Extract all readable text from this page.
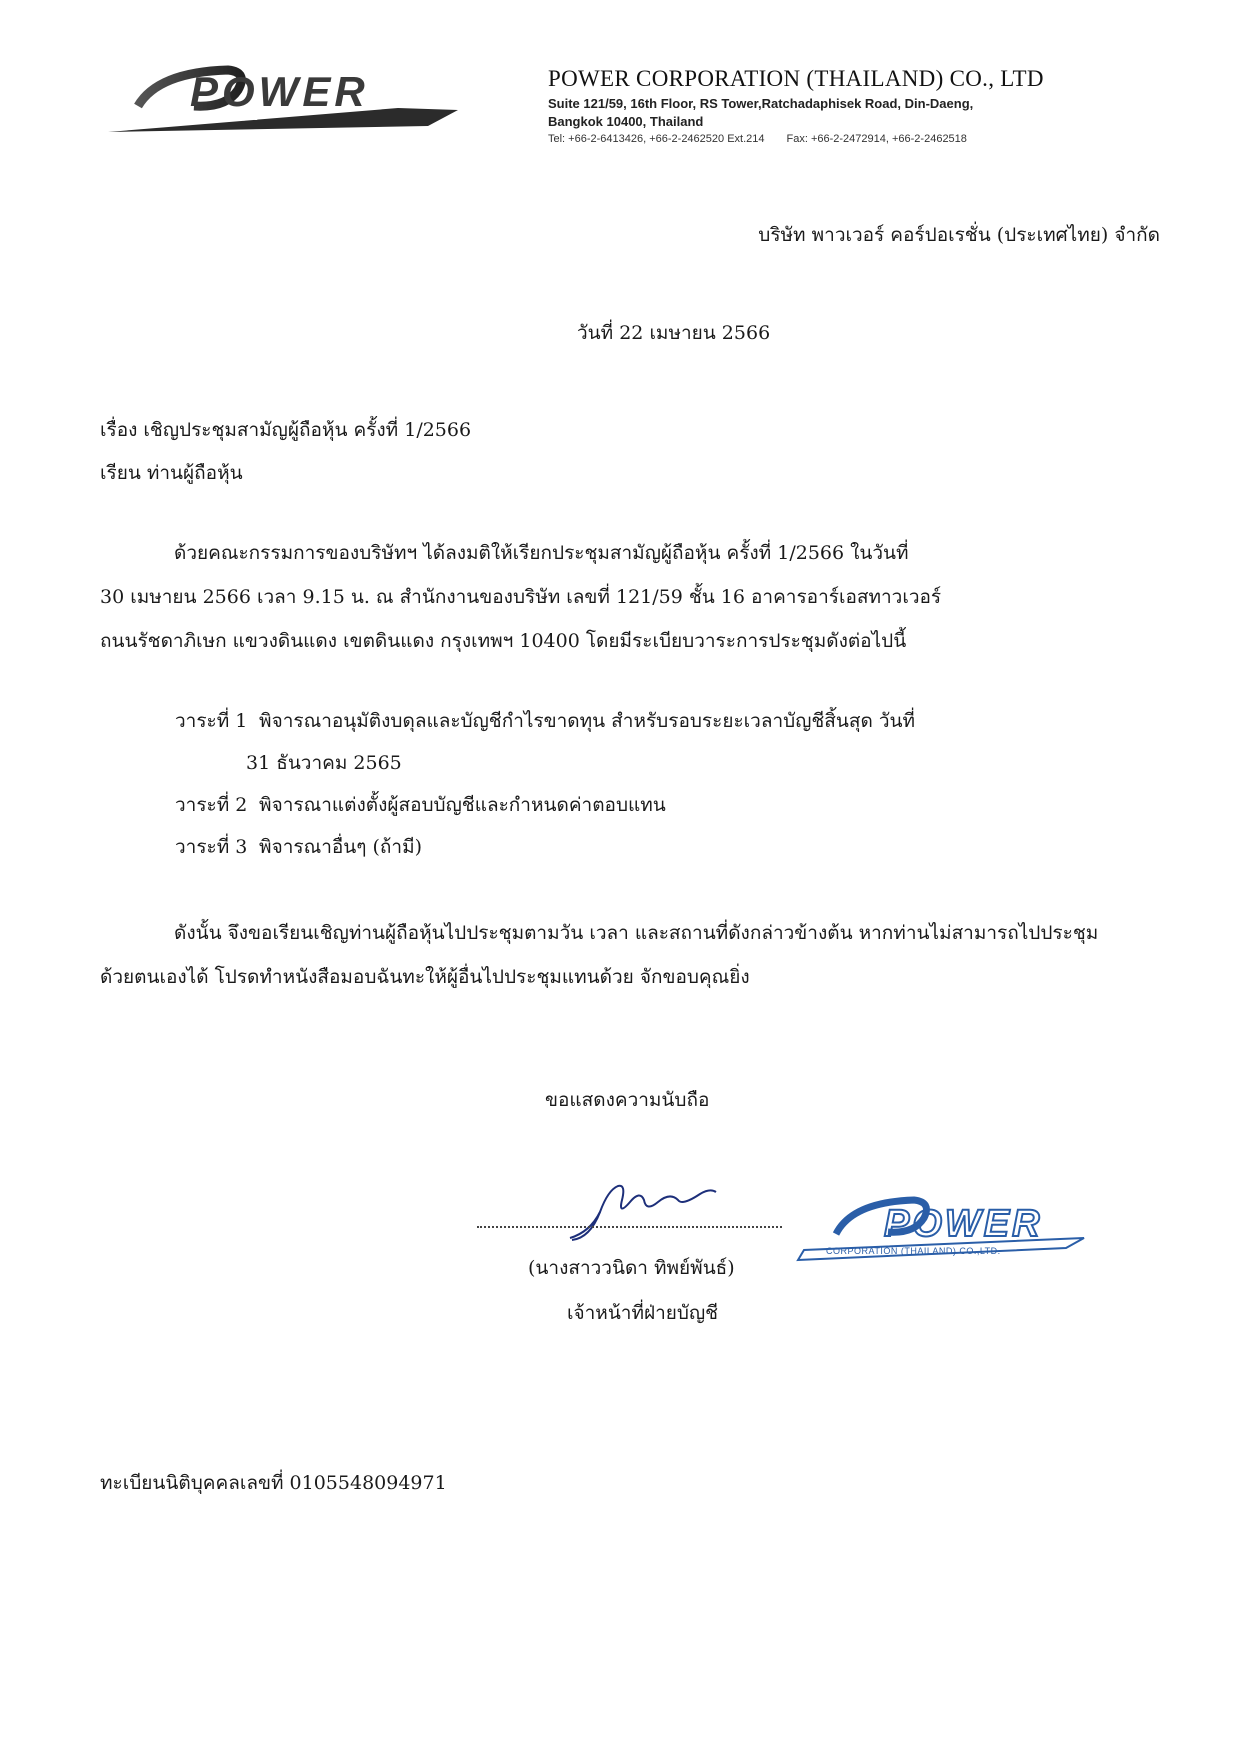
POWER
CORPORATION (THAILAND) CO.,LTD
POWER CORPORATION (THAILAND) CO., LTD
Suite 121/59, 16th Floor, RS Tower,Ratchadaphisek Road, Din-Daeng,
Bangkok 10400, Thailand
Tel: +66-2-6413426, +66-2-2462520 Ext.214 Fax: +66-2-2472914, +66-2-2462518
บริษัท พาวเวอร์ คอร์ปอเรชั่น (ประเทศไทย) จำกัด
วันที่ 22 เมษายน 2566
เรื่อง เชิญประชุมสามัญผู้ถือหุ้น ครั้งที่ 1/2566
เรียน ท่านผู้ถือหุ้น
ด้วยคณะกรรมการของบริษัทฯ ได้ลงมติให้เรียกประชุมสามัญผู้ถือหุ้น ครั้งที่ 1/2566 ในวันที่
30 เมษายน 2566 เวลา 9.15 น. ณ สำนักงานของบริษัท เลขที่ 121/59 ชั้น 16 อาคารอาร์เอสทาวเวอร์
ถนนรัชดาภิเษก แขวงดินแดง เขตดินแดง กรุงเทพฯ 10400 โดยมีระเบียบวาระการประชุมดังต่อไปนี้
วาระที่ 1 พิจารณาอนุมัติงบดุลและบัญชีกำไรขาดทุน สำหรับรอบระยะเวลาบัญชีสิ้นสุด วันที่
31 ธันวาคม 2565
วาระที่ 2 พิจารณาแต่งตั้งผู้สอบบัญชีและกำหนดค่าตอบแทน
วาระที่ 3 พิจารณาอื่นๆ (ถ้ามี)
ดังนั้น จึงขอเรียนเชิญท่านผู้ถือหุ้นไปประชุมตามวัน เวลา และสถานที่ดังกล่าวข้างต้น หากท่านไม่สามารถไปประชุม
ด้วยตนเองได้ โปรดทำหนังสือมอบฉันทะให้ผู้อื่นไปประชุมแทนด้วย จักขอบคุณยิ่ง
ขอแสดงความนับถือ
POWER
CORPORATION (THAILAND) CO.,LTD.
(นางสาววนิดา ทิพย์พันธ์)
เจ้าหน้าที่ฝ่ายบัญชี
ทะเบียนนิติบุคคลเลขที่ 0105548094971
